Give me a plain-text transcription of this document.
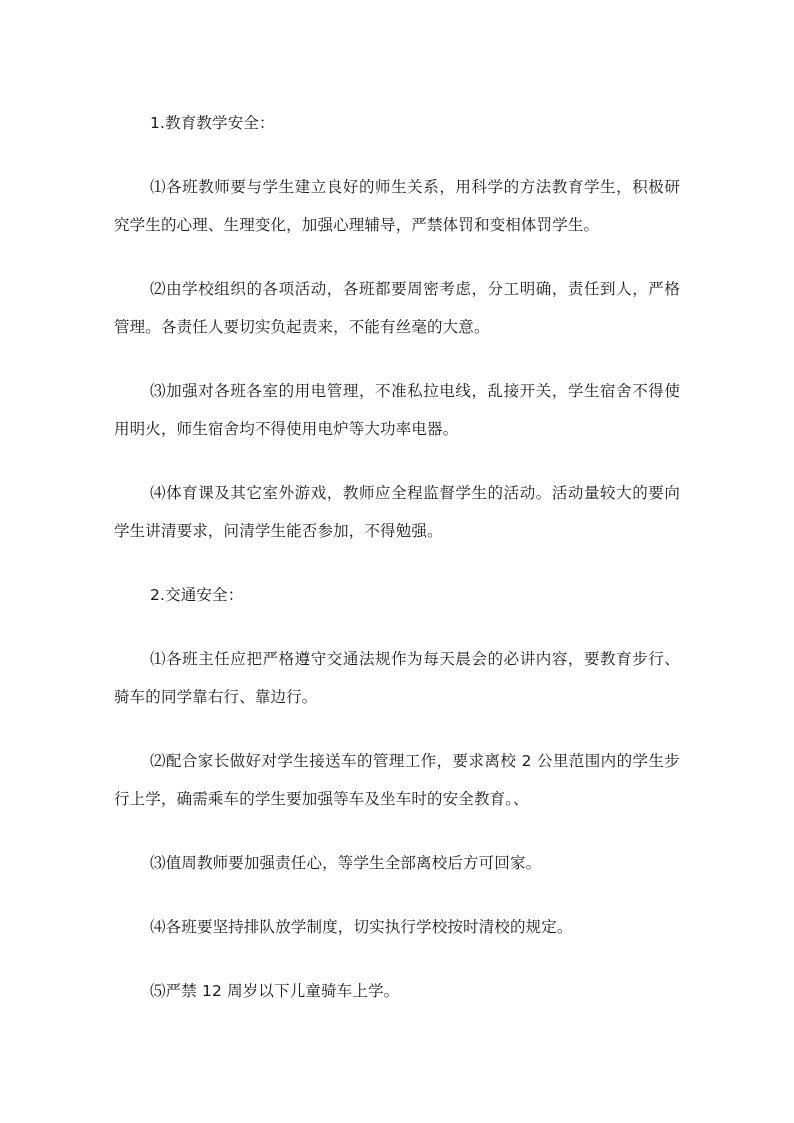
1.教育教学安全：

⑴各班教师要与学生建立良好的师生关系，用科学的方法教育学生，积极研究学生的心理、生理变化，加强心理辅导，严禁体罚和变相体罚学生。

⑵由学校组织的各项活动，各班都要周密考虑，分工明确，责任到人，严格管理。各责任人要切实负起责来，不能有丝毫的大意。

⑶加强对各班各室的用电管理，不准私拉电线，乱接开关，学生宿舍不得使用明火，师生宿舍均不得使用电炉等大功率电器。

⑷体育课及其它室外游戏，教师应全程监督学生的活动。活动量较大的要向学生讲清要求，问清学生能否参加，不得勉强。

2.交通安全：

⑴各班主任应把严格遵守交通法规作为每天晨会的必讲内容，要教育步行、骑车的同学靠右行、靠边行。

⑵配合家长做好对学生接送车的管理工作，要求离校 2 公里范围内的学生步行上学，确需乘车的学生要加强等车及坐车时的安全教育。、

⑶值周教师要加强责任心，等学生全部离校后方可回家。

⑷各班要坚持排队放学制度，切实执行学校按时清校的规定。

⑸严禁 12 周岁以下儿童骑车上学。
